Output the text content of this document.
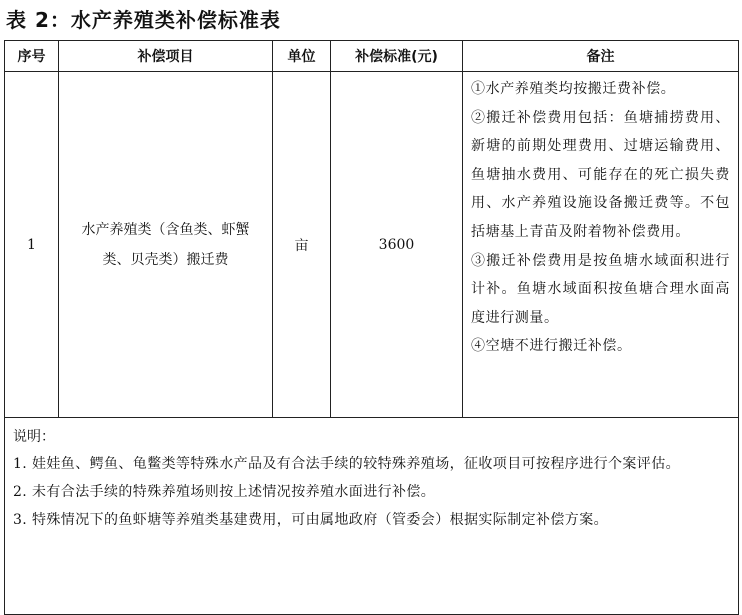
表 2：水产养殖类补偿标准表
序号	补偿项目	单位	补偿标准(元)	备注
1	水产养殖类（含鱼类、虾蟹类、贝壳类）搬迁费	亩	3600	①水产养殖类均按搬迁费补偿。
②搬迁补偿费用包括：鱼塘捕捞费用、新塘的前期处理费用、过塘运输费用、鱼塘抽水费用、可能存在的死亡损失费用、水产养殖设施设备搬迁费等。不包括塘基上青苗及附着物补偿费用。
③搬迁补偿费用是按鱼塘水域面积进行计补。鱼塘水域面积按鱼塘合理水面高度进行测量。
④空塘不进行搬迁补偿。

说明：
1. 娃娃鱼、鳄鱼、龟鳖类等特殊水产品及有合法手续的较特殊养殖场，征收项目可按程序进行个案评估。
2. 未有合法手续的特殊养殖场则按上述情况按养殖水面进行补偿。
3. 特殊情况下的鱼虾塘等养殖类基建费用，可由属地政府（管委会）根据实际制定补偿方案。				
